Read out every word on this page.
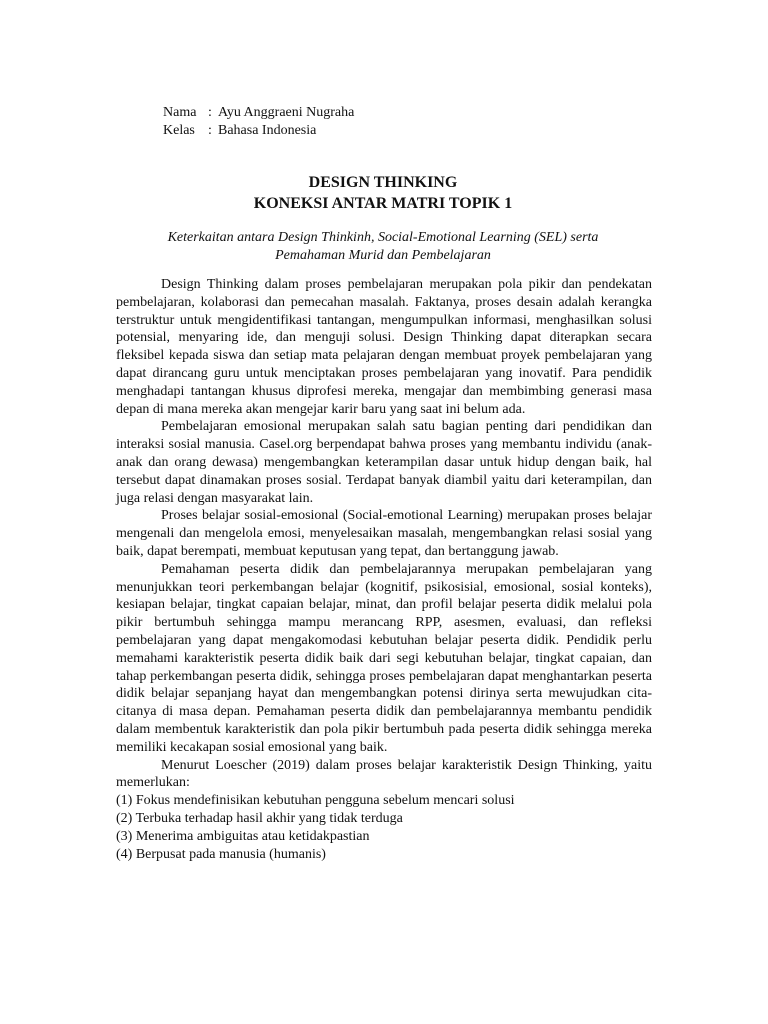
Nama : Ayu Anggraeni Nugraha
Kelas : Bahasa Indonesia
DESIGN THINKING
KONEKSI ANTAR MATRI TOPIK 1
Keterkaitan antara Design Thinkinh, Social-Emotional Learning (SEL) serta
Pemahaman Murid dan Pembelajaran

Design Thinking dalam proses pembelajaran merupakan pola pikir dan pendekatan pembelajaran, kolaborasi dan pemecahan masalah. Faktanya, proses desain adalah kerangka terstruktur untuk mengidentifikasi tantangan, mengumpulkan informasi, menghasilkan solusi potensial, menyaring ide, dan menguji solusi. Design Thinking dapat diterapkan secara fleksibel kepada siswa dan setiap mata pelajaran dengan membuat proyek pembelajaran yang dapat dirancang guru untuk menciptakan proses pembelajaran yang inovatif. Para pendidik menghadapi tantangan khusus diprofesi mereka, mengajar dan membimbing generasi masa depan di mana mereka akan mengejar karir baru yang saat ini belum ada.

Pembelajaran emosional merupakan salah satu bagian penting dari pendidikan dan interaksi sosial manusia. Casel.org berpendapat bahwa proses yang membantu individu (anak-anak dan orang dewasa) mengembangkan keterampilan dasar untuk hidup dengan baik, hal tersebut dapat dinamakan proses sosial. Terdapat banyak diambil yaitu dari keterampilan, dan juga relasi dengan masyarakat lain.

Proses belajar sosial-emosional (Social-emotional Learning) merupakan proses belajar mengenali dan mengelola emosi, menyelesaikan masalah, mengembangkan relasi sosial yang baik, dapat berempati, membuat keputusan yang tepat, dan bertanggung jawab.

Pemahaman peserta didik dan pembelajarannya merupakan pembelajaran yang menunjukkan teori perkembangan belajar (kognitif, psikosisial, emosional, sosial konteks), kesiapan belajar, tingkat capaian belajar, minat, dan profil belajar peserta didik melalui pola pikir bertumbuh sehingga mampu merancang RPP, asesmen, evaluasi, dan refleksi pembelajaran yang dapat mengakomodasi kebutuhan belajar peserta didik. Pendidik perlu memahami karakteristik peserta didik baik dari segi kebutuhan belajar, tingkat capaian, dan tahap perkembangan peserta didik, sehingga proses pembelajaran dapat menghantarkan peserta didik belajar sepanjang hayat dan mengembangkan potensi dirinya serta mewujudkan cita-citanya di masa depan. Pemahaman peserta didik dan pembelajarannya membantu pendidik dalam membentuk karakteristik dan pola pikir bertumbuh pada peserta didik sehingga mereka memiliki kecakapan sosial emosional yang baik.

Menurut Loescher (2019) dalam proses belajar karakteristik Design Thinking, yaitu memerlukan:

(1) Fokus mendefinisikan kebutuhan pengguna sebelum mencari solusi
(2) Terbuka terhadap hasil akhir yang tidak terduga
(3) Menerima ambiguitas atau ketidakpastian
(4) Berpusat pada manusia (humanis)
